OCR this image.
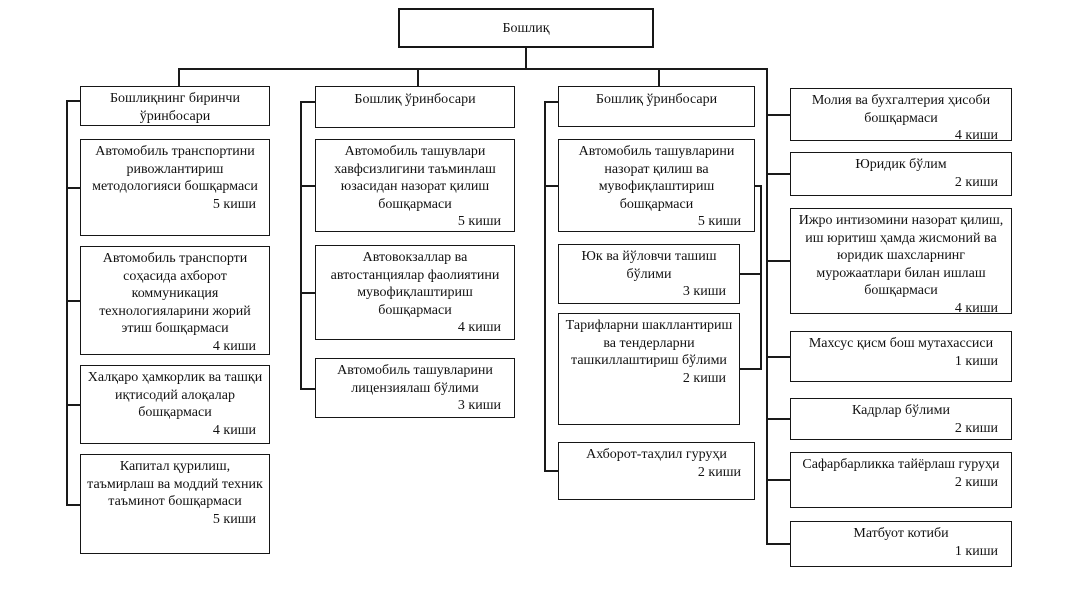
Бошлиқ
Бошлиқнинг биринчи ўринбосари
Автомобиль транспортини ривожлантириш методологияси бошқармаси
5 киши
Автомобиль транспорти соҳасида ахборот коммуникация технологияларини жорий этиш бошқармаси
4 киши
Халқаро ҳамкорлик ва ташқи иқтисодий алоқалар бошқармаси
4 киши
Капитал қурилиш, таъмирлаш ва моддий техник таъминот бошқармаси
5 киши
Бошлиқ ўринбосари
Автомобиль ташувлари хавфсизлигини таъминлаш юзасидан назорат қилиш бошқармаси
5 киши
Автовокзаллар ва автостанциялар фаолиятини мувофиқлаштириш бошқармаси
4 киши
Автомобиль ташувларини лицензиялаш бўлими
3 киши
Бошлиқ ўринбосари
Автомобиль ташувларини назорат қилиш ва мувофиқлаштириш бошқармаси
5 киши
Юк ва йўловчи ташиш бўлими
3 киши
Тарифларни шакллантириш ва тендерларни ташкиллаштириш бўлими
2 киши
Ахборот-таҳлил гуруҳи
2 киши
Молия ва бухгалтерия ҳисоби бошқармаси
4 киши
Юридик бўлим
2 киши
Ижро интизомини назорат қилиш, иш юритиш ҳамда жисмоний ва юридик шахсларнинг мурожаатлари билан ишлаш бошқармаси
4 киши
Махсус қисм бош мутахассиси
1 киши
Кадрлар бўлими
2 киши
Сафарбарликка тайёрлаш гуруҳи
2 киши
Матбуот котиби
1 киши
